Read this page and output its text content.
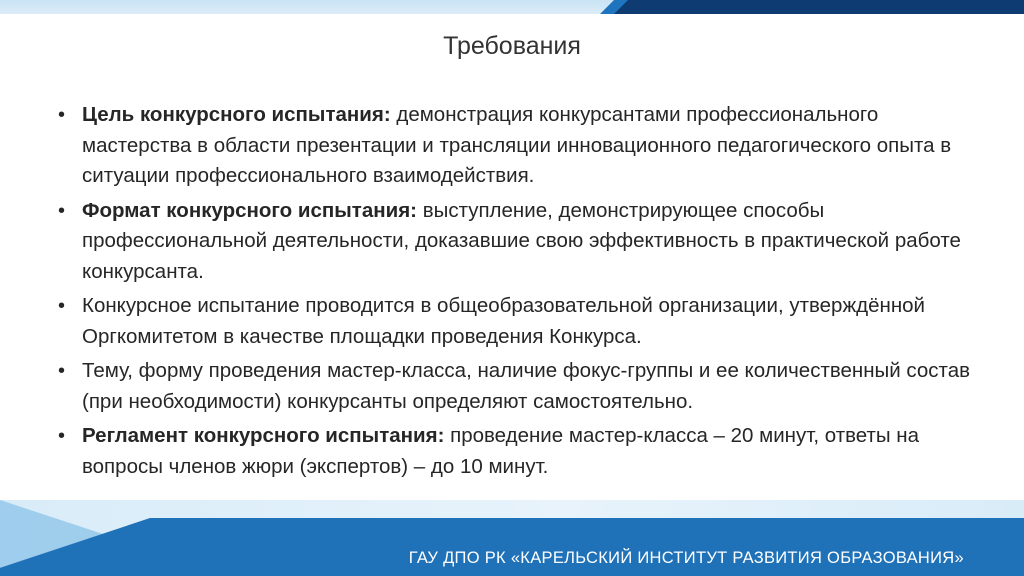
Требования
• Цель конкурсного испытания: демонстрация конкурсантами профессионального мастерства в области презентации и трансляции инновационного педагогического опыта в ситуации профессионального взаимодействия.
• Формат конкурсного испытания: выступление, демонстрирующее способы профессиональной деятельности, доказавшие свою эффективность в практической работе конкурсанта.
• Конкурсное испытание проводится в общеобразовательной организации, утверждённой Оргкомитетом в качестве площадки проведения Конкурса.
• Тему, форму проведения мастер-класса, наличие фокус-группы и ее количественный состав (при необходимости) конкурсанты определяют самостоятельно.
• Регламент конкурсного испытания: проведение мастер-класса – 20 минут, ответы на вопросы членов жюри (экспертов) – до 10 минут.
ГАУ ДПО РК «КАРЕЛЬСКИЙ ИНСТИТУТ РАЗВИТИЯ ОБРАЗОВАНИЯ»
